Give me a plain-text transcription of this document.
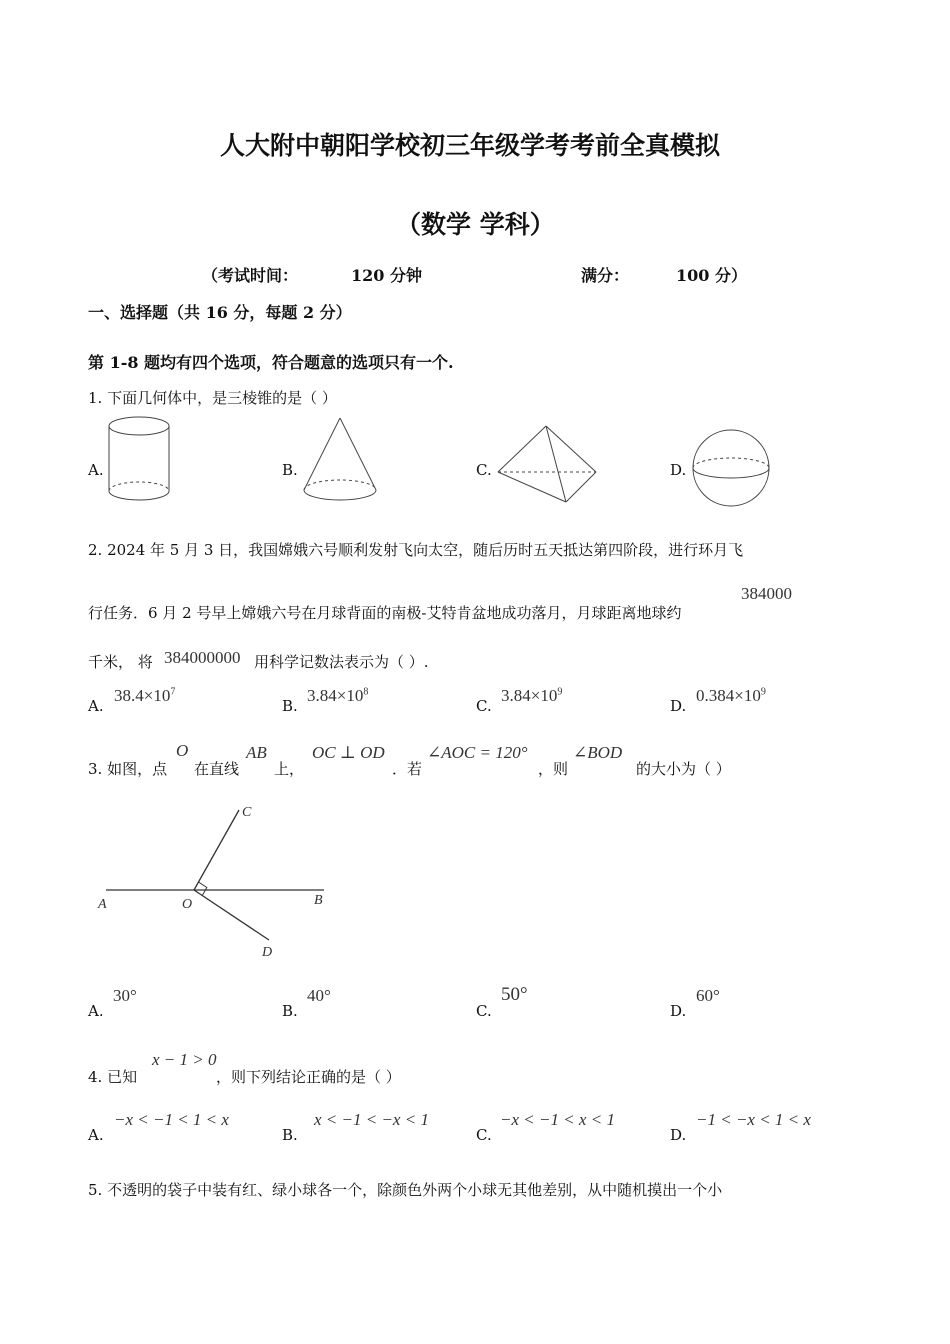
人大附中朝阳学校初三年级学考考前全真模拟
（数学 学科）
（考试时间：	120 分钟	满分：	100 分）
一、选择题（共 16 分，每题 2 分）
第 1-8 题均有四个选项，符合题意的选项只有一个.
1. 下面几何体中，是三棱锥的是（ ）
A.	B.	C.	D.
2. 2024 年 5 月 3 日，我国嫦娥六号顺利发射飞向太空，随后历时五天抵达第四阶段，进行环月飞
行任务．6 月 2 号早上嫦娥六号在月球背面的南极-艾特肯盆地成功落月，月球距离地球约
384000
千米， 将 384000000 用科学记数法表示为（ ）.
A.
$38.4\times 10^7$
B.
$3.84\times 10^8$
C.
$3.84\times 10^9$
D.
$0.384\times 10^9$
3. 如图，点
O
在直线
AB
上，
OC ⊥ OD
．若
∠AOC = 120°
，则
∠BOD
的大小为（ ）
A	O	B
C
D
A.
30°
B.
40°
C.
50°
D.
60°
4. 已知
x − 1 > 0
，则下列结论正确的是（ ）
A.
−x < −1 < 1 < x
B.
x < −1 < −x < 1
C.
−x < −1 < x < 1
D.
−1 < −x < 1 < x
5. 不透明的袋子中装有红、绿小球各一个，除颜色外两个小球无其他差别，从中随机摸出一个小
